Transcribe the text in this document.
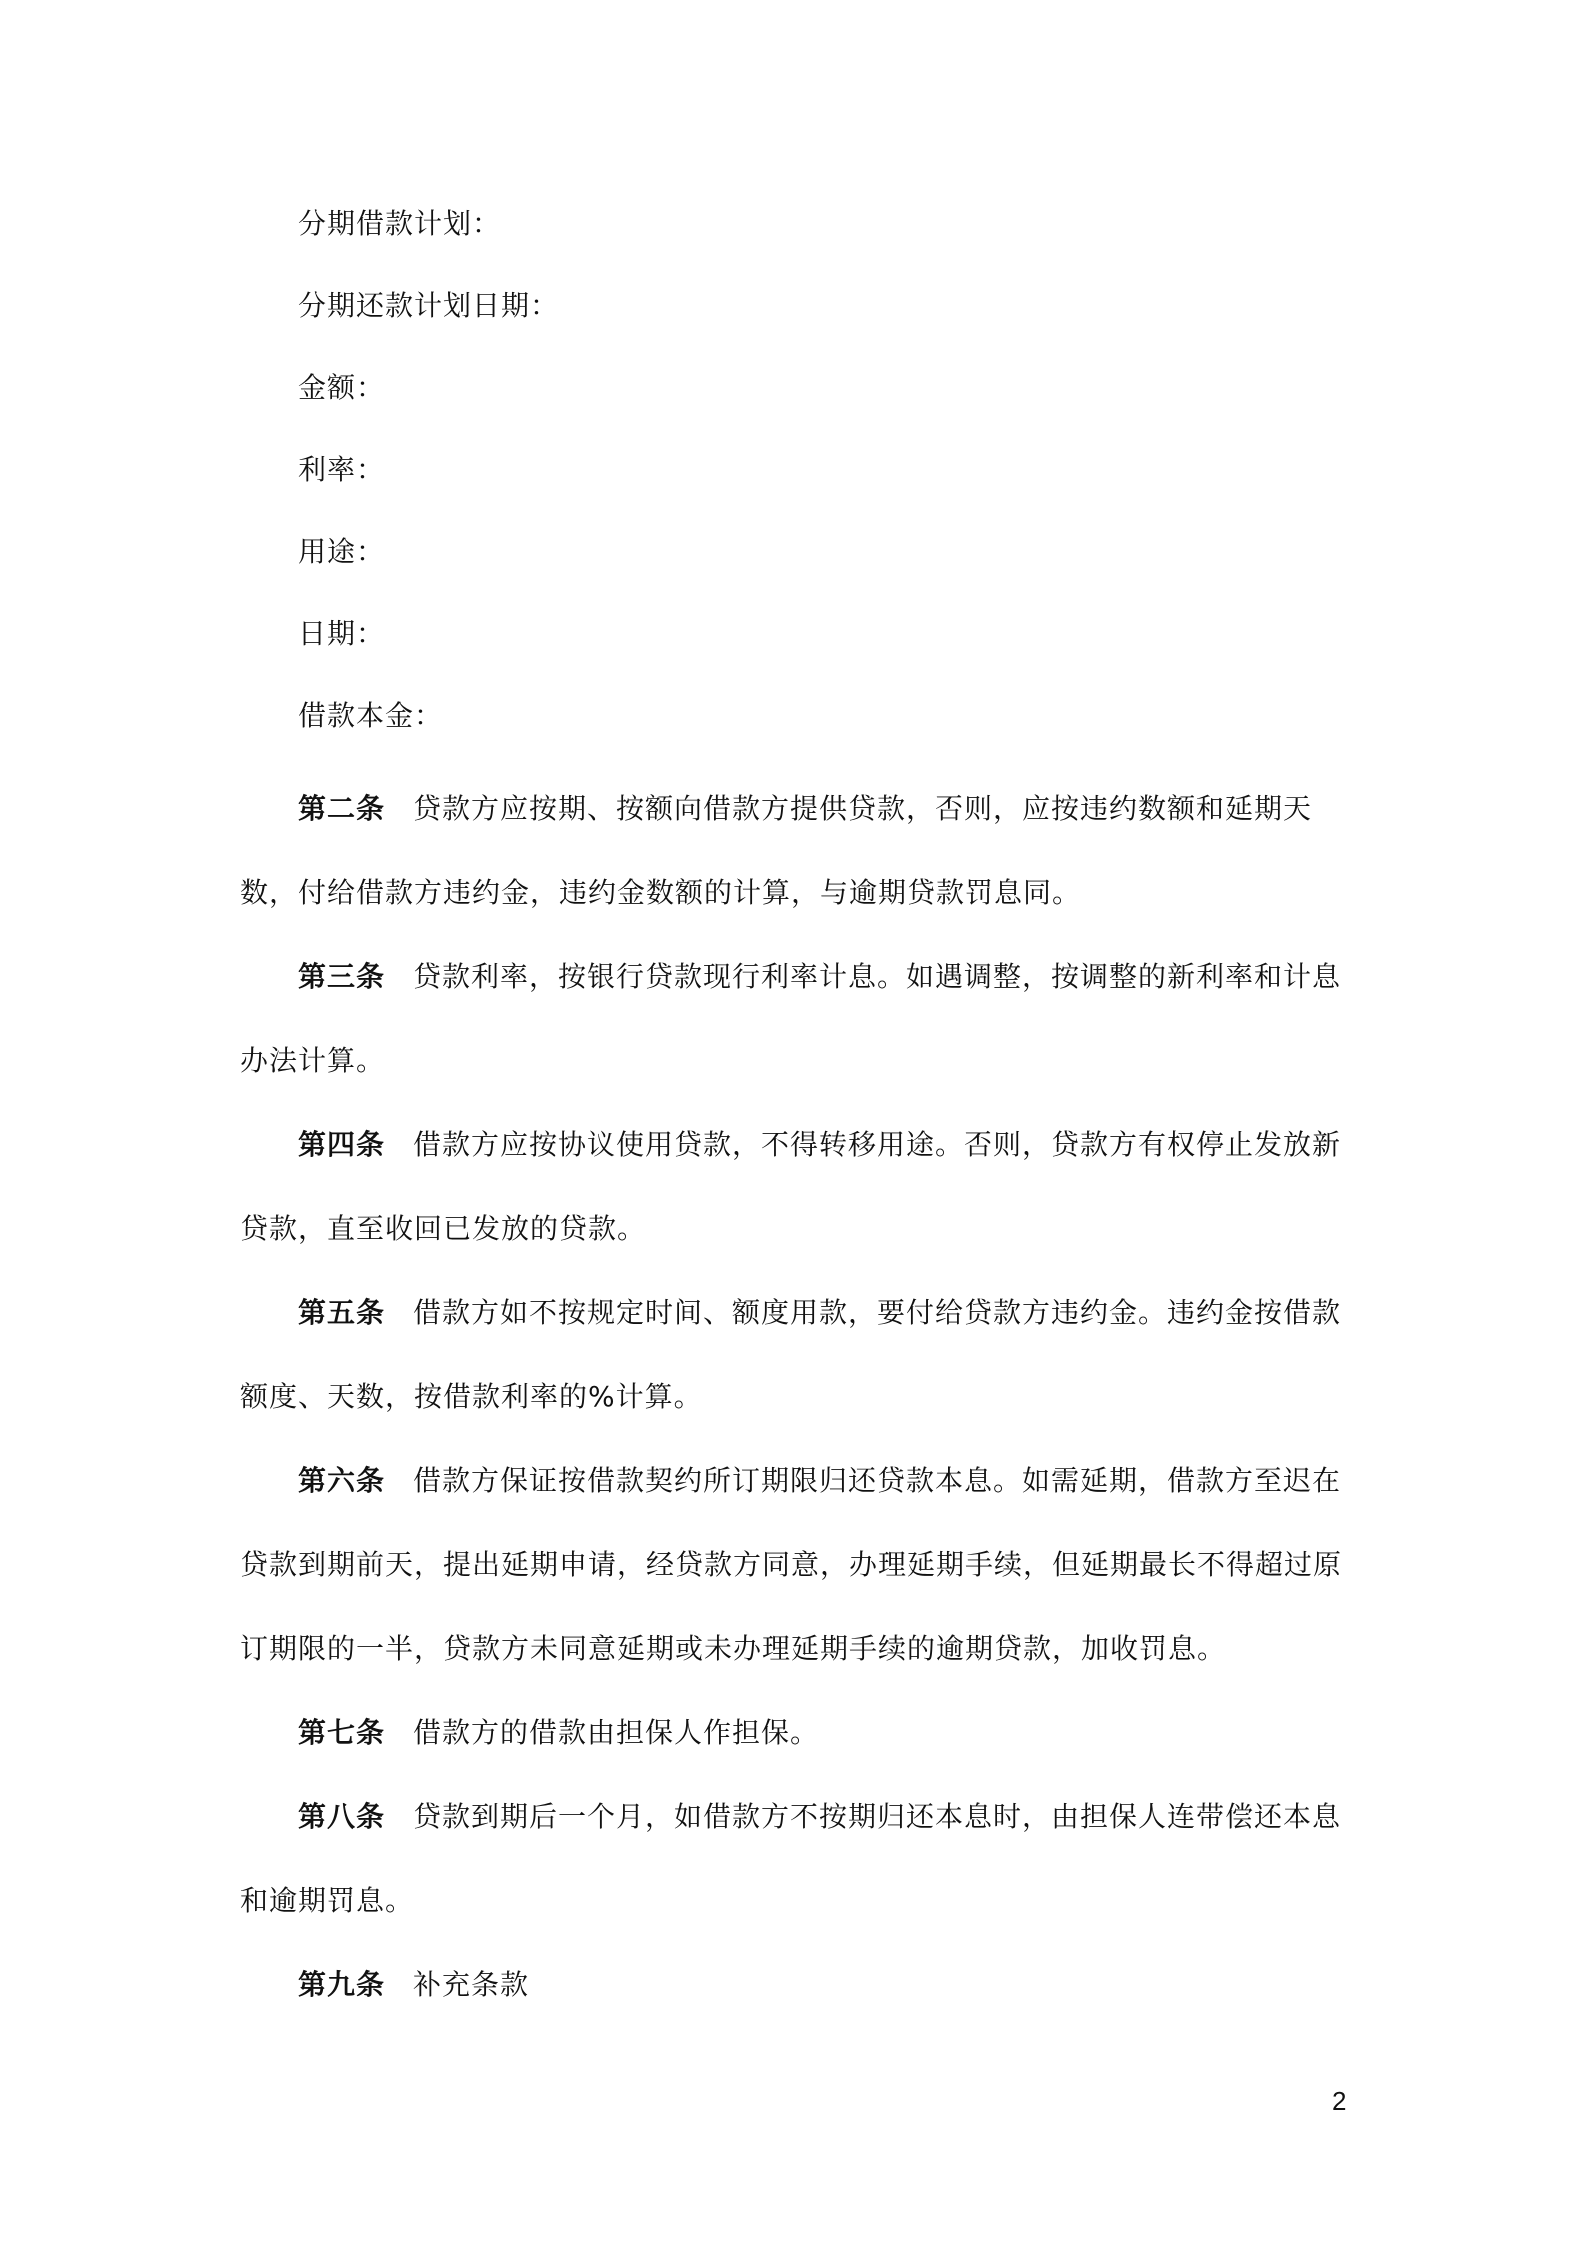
分期借款计划：
分期还款计划日期：
金额：
利率：
用途：
日期：
借款本金：
第二条 贷款方应按期、按额向借款方提供贷款，否则，应按违约数额和延期天数，付给借款方违约金，违约金数额的计算，与逾期贷款罚息同。
第三条 贷款利率，按银行贷款现行利率计息。如遇调整，按调整的新利率和计息办法计算。
第四条 借款方应按协议使用贷款，不得转移用途。否则，贷款方有权停止发放新贷款，直至收回已发放的贷款。
第五条 借款方如不按规定时间、额度用款，要付给贷款方违约金。违约金按借款额度、天数，按借款利率的%计算。
第六条 借款方保证按借款契约所订期限归还贷款本息。如需延期，借款方至迟在贷款到期前天，提出延期申请，经贷款方同意，办理延期手续，但延期最长不得超过原订期限的一半，贷款方未同意延期或未办理延期手续的逾期贷款，加收罚息。
第七条 借款方的借款由担保人作担保。
第八条 贷款到期后一个月，如借款方不按期归还本息时，由担保人连带偿还本息和逾期罚息。
第九条 补充条款
2
